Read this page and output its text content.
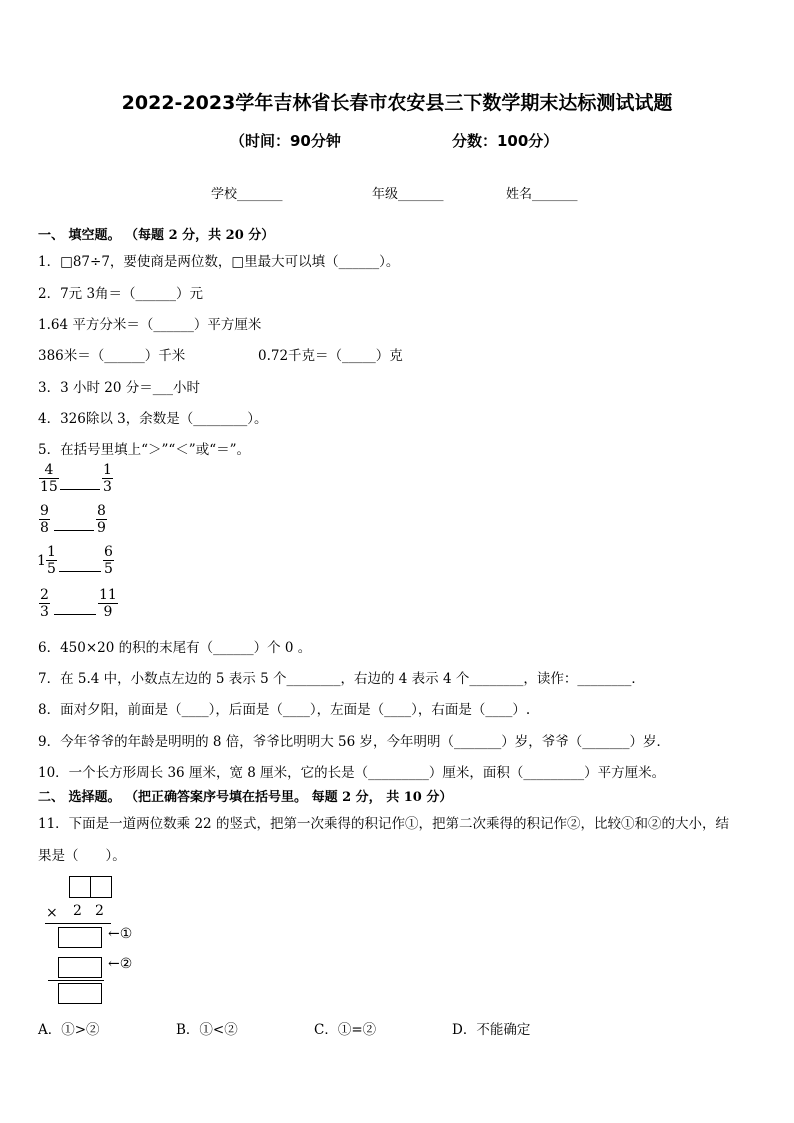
2022-2023学年吉林省长春市农安县三下数学期末达标测试试题
（时间：90分钟	分数：100分）
学校_______	年级_______	姓名_______
一、 填空题。 （每题 2 分，共 20 分）
1．□87÷7，要使商是两位数，□里最大可以填（______）。
2．7元 3角＝（______）元
1.64 平方分米＝（______）平方厘米
386米＝（______）千米	0.72千克＝（_____）克
3．3 小时 20 分＝___小时
4．326除以 3，余数是（________）。
5．在括号里填上“＞”“＜”或“＝”。
4
15
1
3
9
8
8
9
1
1
5
6
5
2
3
11
9
6．450×20 的积的末尾有（______）个 0 。
7．在 5.4 中，小数点左边的 5 表示 5 个________，右边的 4 表示 4 个________，读作：________．
8．面对夕阳，前面是（____），后面是（____），左面是（____），右面是（____）.
9．今年爷爷的年龄是明明的 8 倍，爷爷比明明大 56 岁，今年明明（_______）岁，爷爷（_______）岁．
10．一个长方形周长 36 厘米，宽 8 厘米，它的长是（_________）厘米，面积（_________）平方厘米。
二、 选择题。 （把正确答案序号填在括号里。 每题 2 分， 共 10 分）
11．下面是一道两位数乘 22 的竖式，把第一次乘得的积记作①，把第二次乘得的积记作②，比较①和②的大小，结
果是（　　）。
× 2 2
←①
←②
A．①>②	B．①<②	C．①=②	D．不能确定
